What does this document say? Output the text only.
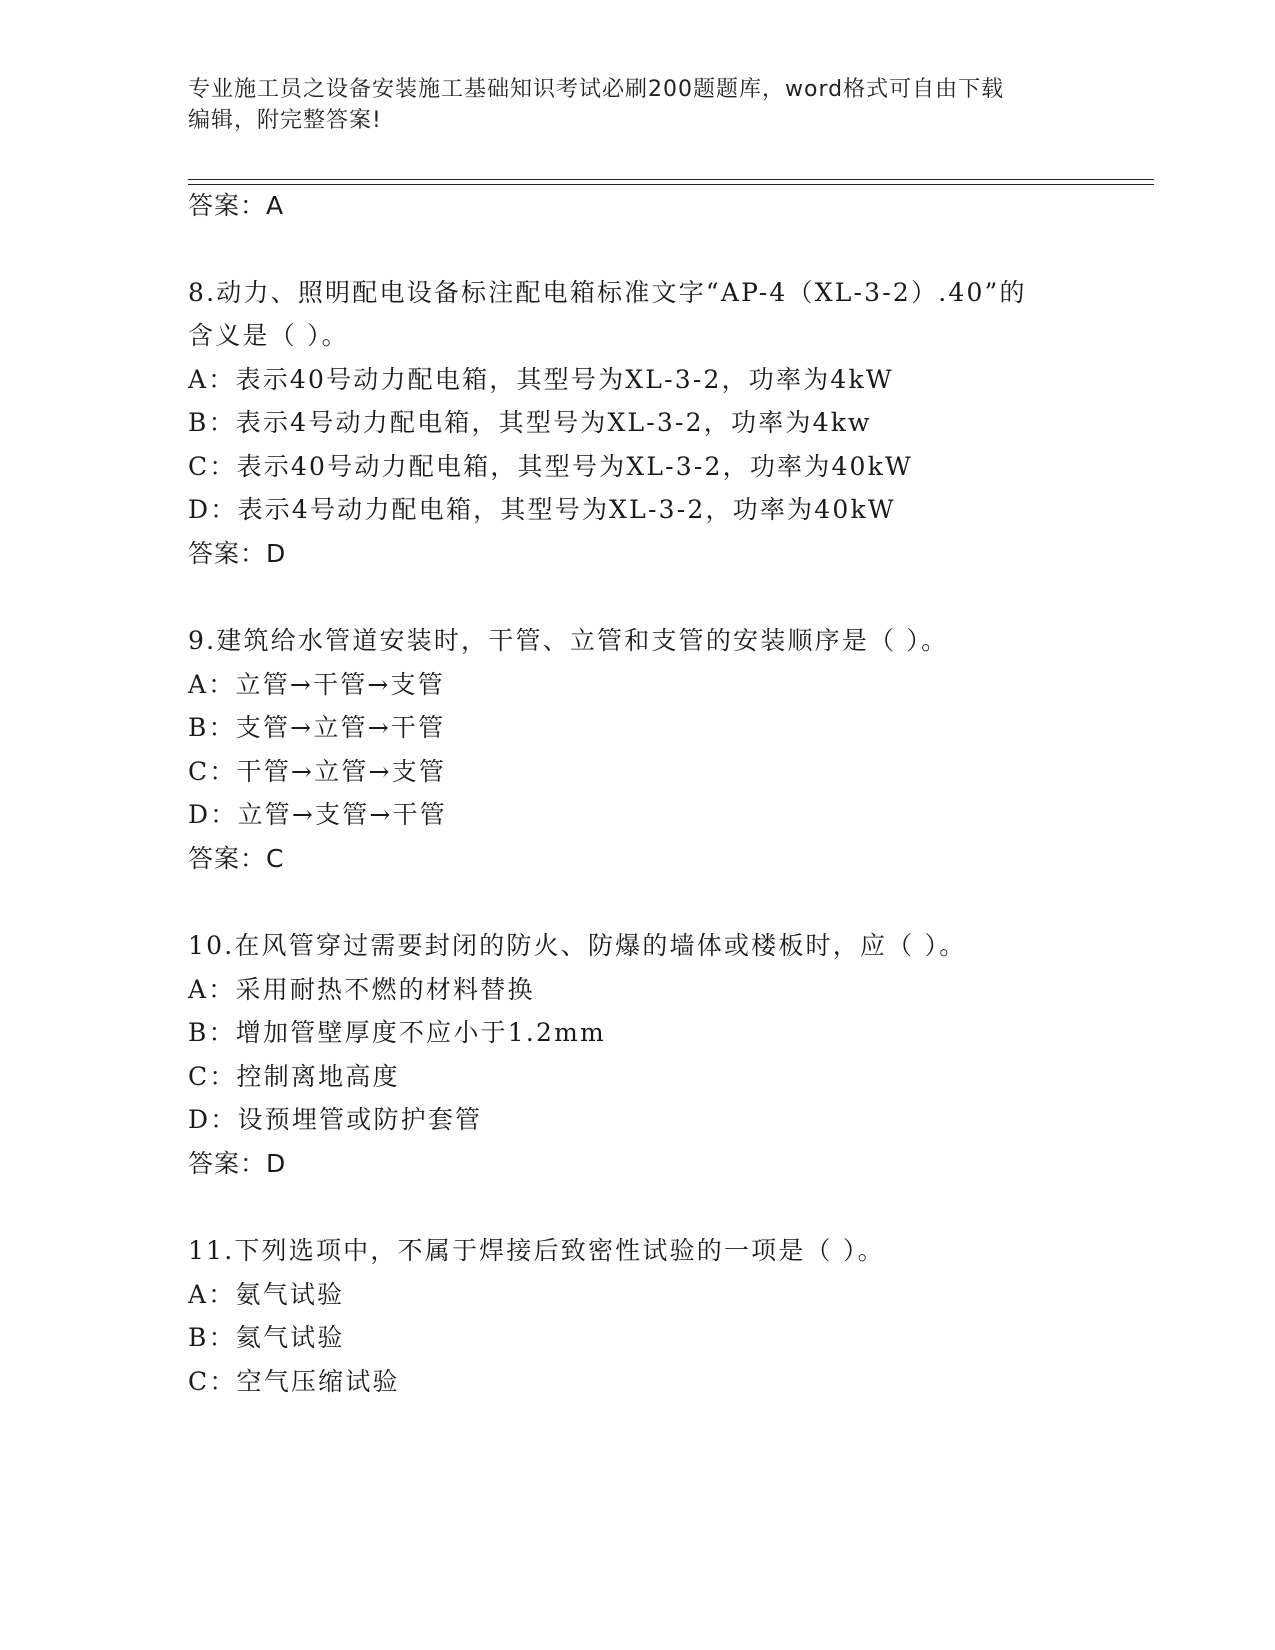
专业施工员之设备安装施工基础知识考试必刷200题题库，word格式可自由下载
编辑，附完整答案!
答案：A
8.动力、照明配电设备标注配电箱标准文字“AP-4（XL-3-2）.40”的
含义是（ ）。
A：表示40号动力配电箱，其型号为XL-3-2，功率为4kW
B：表示4号动力配电箱，其型号为XL-3-2，功率为4kw
C：表示40号动力配电箱，其型号为XL-3-2，功率为40kW
D：表示4号动力配电箱，其型号为XL-3-2，功率为40kW
答案：D
9.建筑给水管道安装时，干管、立管和支管的安装顺序是（ ）。
A：立管→干管→支管
B：支管→立管→干管
C：干管→立管→支管
D：立管→支管→干管
答案：C
10.在风管穿过需要封闭的防火、防爆的墙体或楼板时，应（ ）。
A：采用耐热不燃的材料替换
B：增加管壁厚度不应小于1.2mm
C：控制离地高度
D：设预埋管或防护套管
答案：D
11.下列选项中，不属于焊接后致密性试验的一项是（ ）。
A：氨气试验
B：氦气试验
C：空气压缩试验
